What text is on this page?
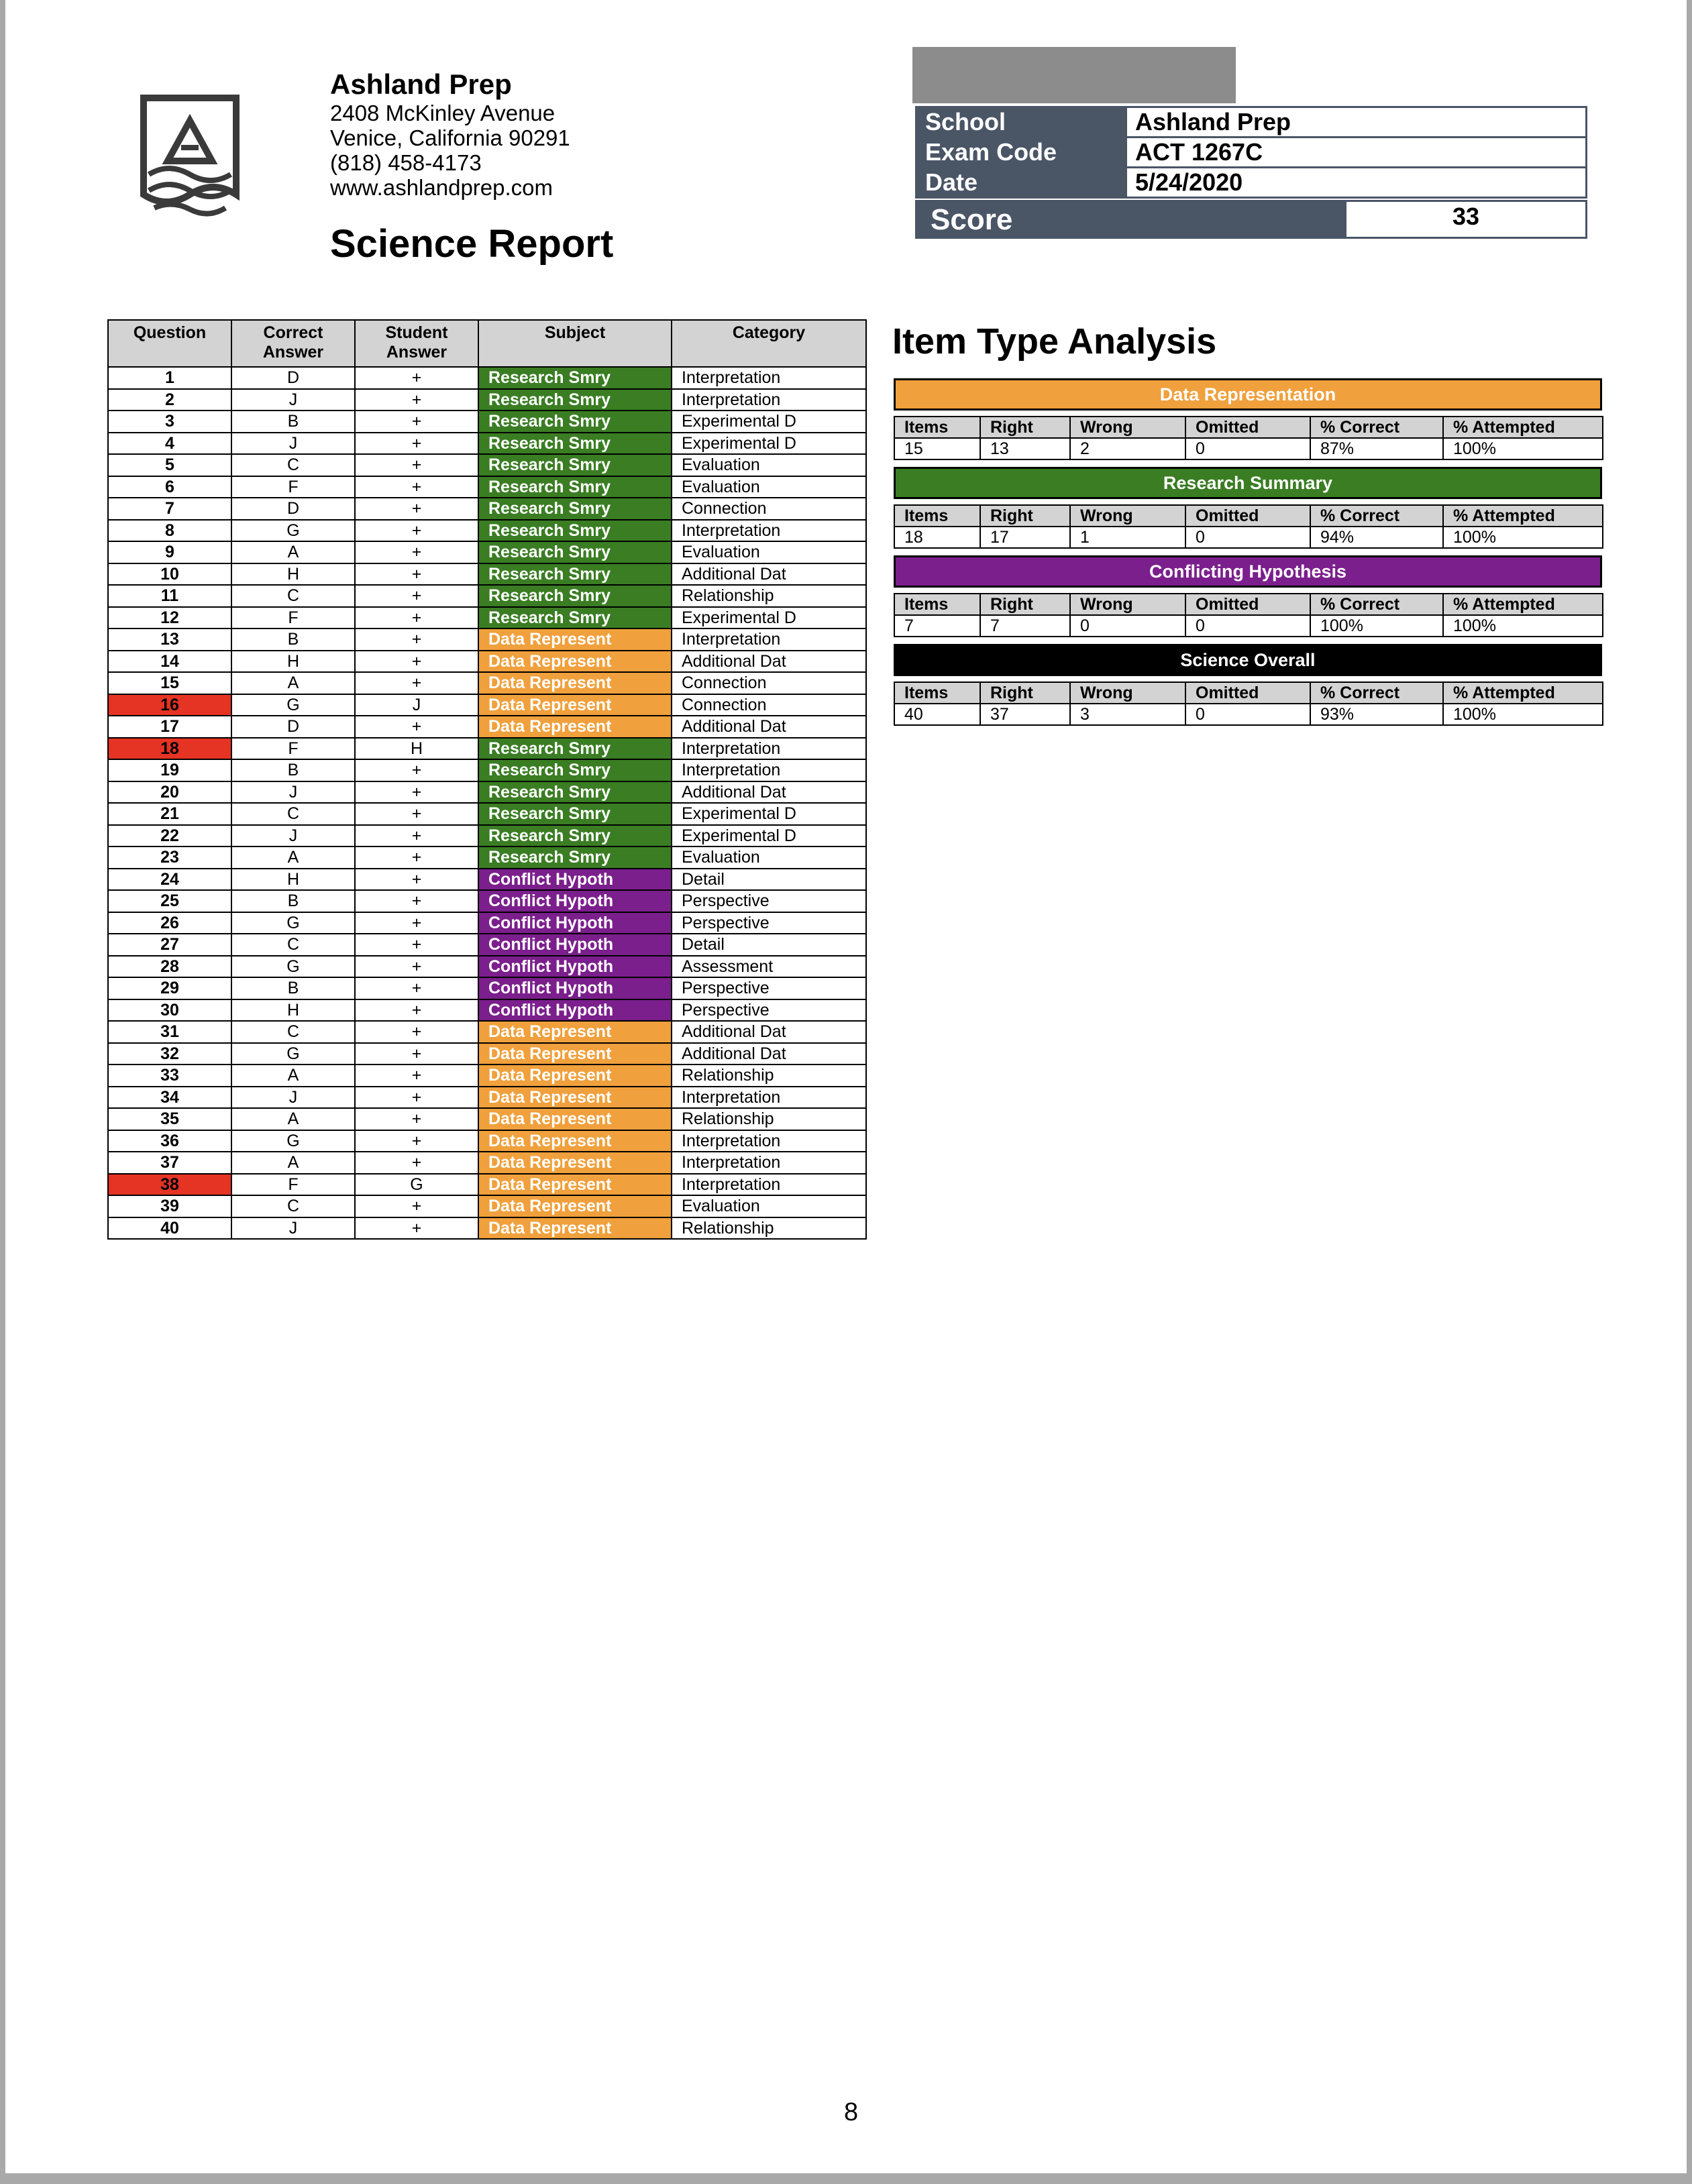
Ashland Prep
2408 McKinley Avenue
Venice, California 90291
(818) 458-4173
www.ashlandprep.com
Science Report
School	Ashland Prep
Exam Code	ACT 1267C
Date	5/24/2020
Score	33
Question	Correct Answer	Student Answer	Subject	Category
1	D	+	Research Smry	Interpretation
2	J	+	Research Smry	Interpretation
3	B	+	Research Smry	Experimental D
4	J	+	Research Smry	Experimental D
5	C	+	Research Smry	Evaluation
6	F	+	Research Smry	Evaluation
7	D	+	Research Smry	Connection
8	G	+	Research Smry	Interpretation
9	A	+	Research Smry	Evaluation
10	H	+	Research Smry	Additional Dat
11	C	+	Research Smry	Relationship
12	F	+	Research Smry	Experimental D
13	B	+	Data Represent	Interpretation
14	H	+	Data Represent	Additional Dat
15	A	+	Data Represent	Connection
16	G	J	Data Represent	Connection
17	D	+	Data Represent	Additional Dat
18	F	H	Research Smry	Interpretation
19	B	+	Research Smry	Interpretation
20	J	+	Research Smry	Additional Dat
21	C	+	Research Smry	Experimental D
22	J	+	Research Smry	Experimental D
23	A	+	Research Smry	Evaluation
24	H	+	Conflict Hypoth	Detail
25	B	+	Conflict Hypoth	Perspective
26	G	+	Conflict Hypoth	Perspective
27	C	+	Conflict Hypoth	Detail
28	G	+	Conflict Hypoth	Assessment
29	B	+	Conflict Hypoth	Perspective
30	H	+	Conflict Hypoth	Perspective
31	C	+	Data Represent	Additional Dat
32	G	+	Data Represent	Additional Dat
33	A	+	Data Represent	Relationship
34	J	+	Data Represent	Interpretation
35	A	+	Data Represent	Relationship
36	G	+	Data Represent	Interpretation
37	A	+	Data Represent	Interpretation
38	F	G	Data Represent	Interpretation
39	C	+	Data Represent	Evaluation
40	J	+	Data Represent	Relationship
Item Type Analysis
Data Representation
Items	Right	Wrong	Omitted	% Correct	% Attempted
15	13	2	0	87%	100%
Research Summary
Items	Right	Wrong	Omitted	% Correct	% Attempted
18	17	1	0	94%	100%
Conflicting Hypothesis
Items	Right	Wrong	Omitted	% Correct	% Attempted
7	7	0	0	100%	100%
Science Overall
Items	Right	Wrong	Omitted	% Correct	% Attempted
40	37	3	0	93%	100%
8
